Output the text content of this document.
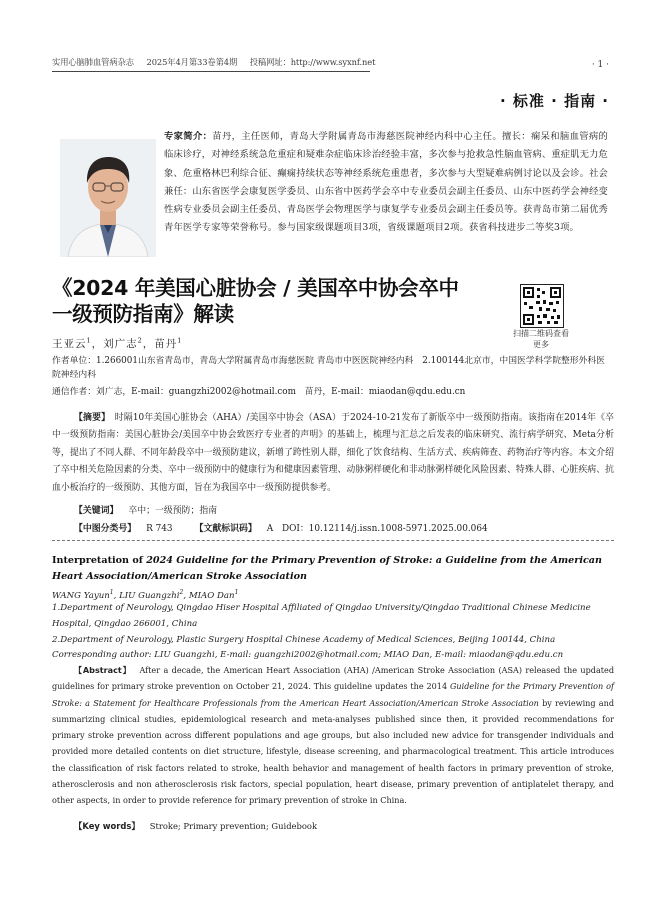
实用心脑肺血管病杂志 2025年4月第33卷第4期 投稿网址：http://www.syxnf.net	· 1 ·
· 标准 · 指南 ·
专家简介：苗丹，主任医师，青岛大学附属青岛市海慈医院神经内科中心主任。擅长：痫呆和脑血管病的临床诊疗，对神经系统急危重症和疑难杂症临床诊治经验丰富，多次参与抢救急性脑血管病、重症肌无力危象、危重格林巴利综合征、癫痫持续状态等神经系统危重患者，多次参与大型疑难病例讨论以及会诊。社会兼任：山东省医学会康复医学委员、山东省中医药学会卒中专业委员会副主任委员、山东中医药学会神经变性病专业委员会副主任委员、青岛医学会物理医学与康复学专业委员会副主任委员等。获青岛市第二届优秀青年医学专家等荣誉称号。参与国家级课题项目3项，省级课题项目2项。获省科技进步二等奖3项。
《2024 年美国心脏协会 / 美国卒中协会卒中一级预防指南》解读
扫描二维码查看更多
王亚云$^1$，刘广志$^2$，苗丹$^1$
作者单位：1.266001山东省青岛市，青岛大学附属青岛市海慈医院 青岛市中医医院神经内科　2.100144北京市，中国医学科学院整形外科医院神经内科
通信作者：刘广志，E-mail：guangzhi2002@hotmail.com　苗丹，E-mail：miaodan@qdu.edu.cn
【摘要】　 时隔10年美国心脏协会（AHA）/美国卒中协会（ASA）于2024-10-21发布了新版卒中一级预防指南。该指南在2014年《卒中一级预防指南：美国心脏协会/美国卒中协会致医疗专业者的声明》的基础上，梳理与汇总之后发表的临床研究、流行病学研究、Meta分析等，提出了不同人群、不同年龄段卒中一级预防建议，新增了跨性别人群，细化了饮食结构、生活方式、疾病筛查、药物治疗等内容。本文介绍了卒中相关危险因素的分类、卒中一级预防中的健康行为和健康因素管理、动脉粥样硬化和非动脉粥样硬化风险因素、特殊人群、心脏疾病、抗血小板治疗的一级预防、其他方面，旨在为我国卒中一级预防提供参考。
【关键词】 卒中；一级预防；指南
【中图分类号】 R 743 【文献标识码】 A　DOI：10.12114/j.issn.1008-5971.2025.00.064
Interpretation of 2024 Guideline for the Primary Prevention of Stroke: a Guideline from the American Heart Association/American Stroke Association
WANG Yayun$^1$, LIU Guangzhi$^2$, MIAO Dan$^1$
1.Department of Neurology, Qingdao Hiser Hospital Affiliated of Qingdao University/Qingdao Traditional Chinese Medicine Hospital, Qingdao 266001, China
2.Department of Neurology, Plastic Surgery Hospital Chinese Academy of Medical Sciences, Beijing 100144, China
Corresponding author: LIU Guangzhi, E-mail: guangzhi2002@hotmail.com; MIAO Dan, E-mail: miaodan@qdu.edu.cn
【Abstract】 After a decade, the American Heart Association (AHA) /American Stroke Association (ASA) released the updated guidelines for primary stroke prevention on October 21, 2024. This guideline updates the 2014 Guideline for the Primary Prevention of Stroke: a Statement for Healthcare Professionals from the American Heart Association/American Stroke Association by reviewing and summarizing clinical studies, epidemiological research and meta-analyses published since then, it provided recommendations for primary stroke prevention across different populations and age groups, but also included new advice for transgender individuals and provided more detailed contents on diet structure, lifestyle, disease screening, and pharmacological treatment. This article introduces the classification of risk factors related to stroke, health behavior and management of health factors in primary prevention of stroke, atherosclerosis and non atherosclerosis risk factors, special population, heart disease, primary prevention of antiplatelet therapy, and other aspects, in order to provide reference for primary prevention of stroke in China.
【Key words】 Stroke; Primary prevention; Guidebook
